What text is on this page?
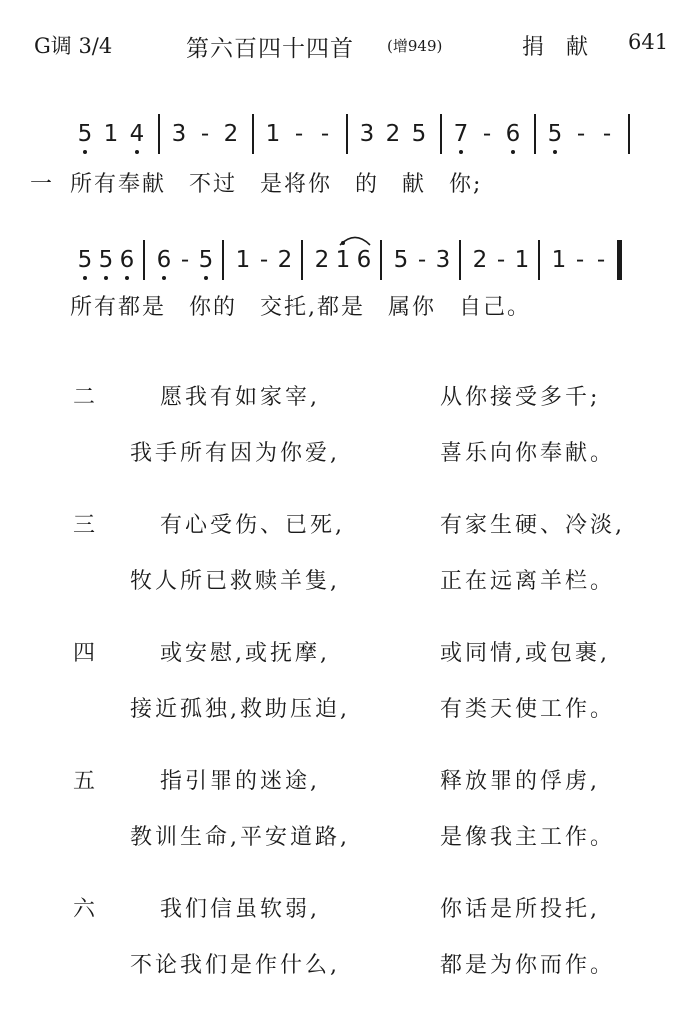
G调 3/4	第六百四十四首 (增949)	捐献 641
5 1 4 3 - 2 1 - -	3 2 5 7 - 6 5 - -
一 所有奉献 不过 是将你 的 献 你;
5 5 6 6 - 5 1 - 2 2 1 6 5 - 3 2 - 1 1 - -
所有都是 你的 交托,都是 属你 自己。
二	愿我有如家宰,	从你接受多千;
我手所有因为你爱,	喜乐向你奉献。
三	有心受伤、已死,	有家生硬、冷淡,
牧人所已救赎羊隻,	正在远离羊栏。
四	或安慰,或抚摩,	或同情,或包裹,
接近孤独,救助压迫,	有类天使工作。
五	指引罪的迷途,	释放罪的俘虏,
教训生命,平安道路,	是像我主工作。
六	我们信虽软弱,	你话是所投托,
不论我们是作什么,	都是为你而作。
